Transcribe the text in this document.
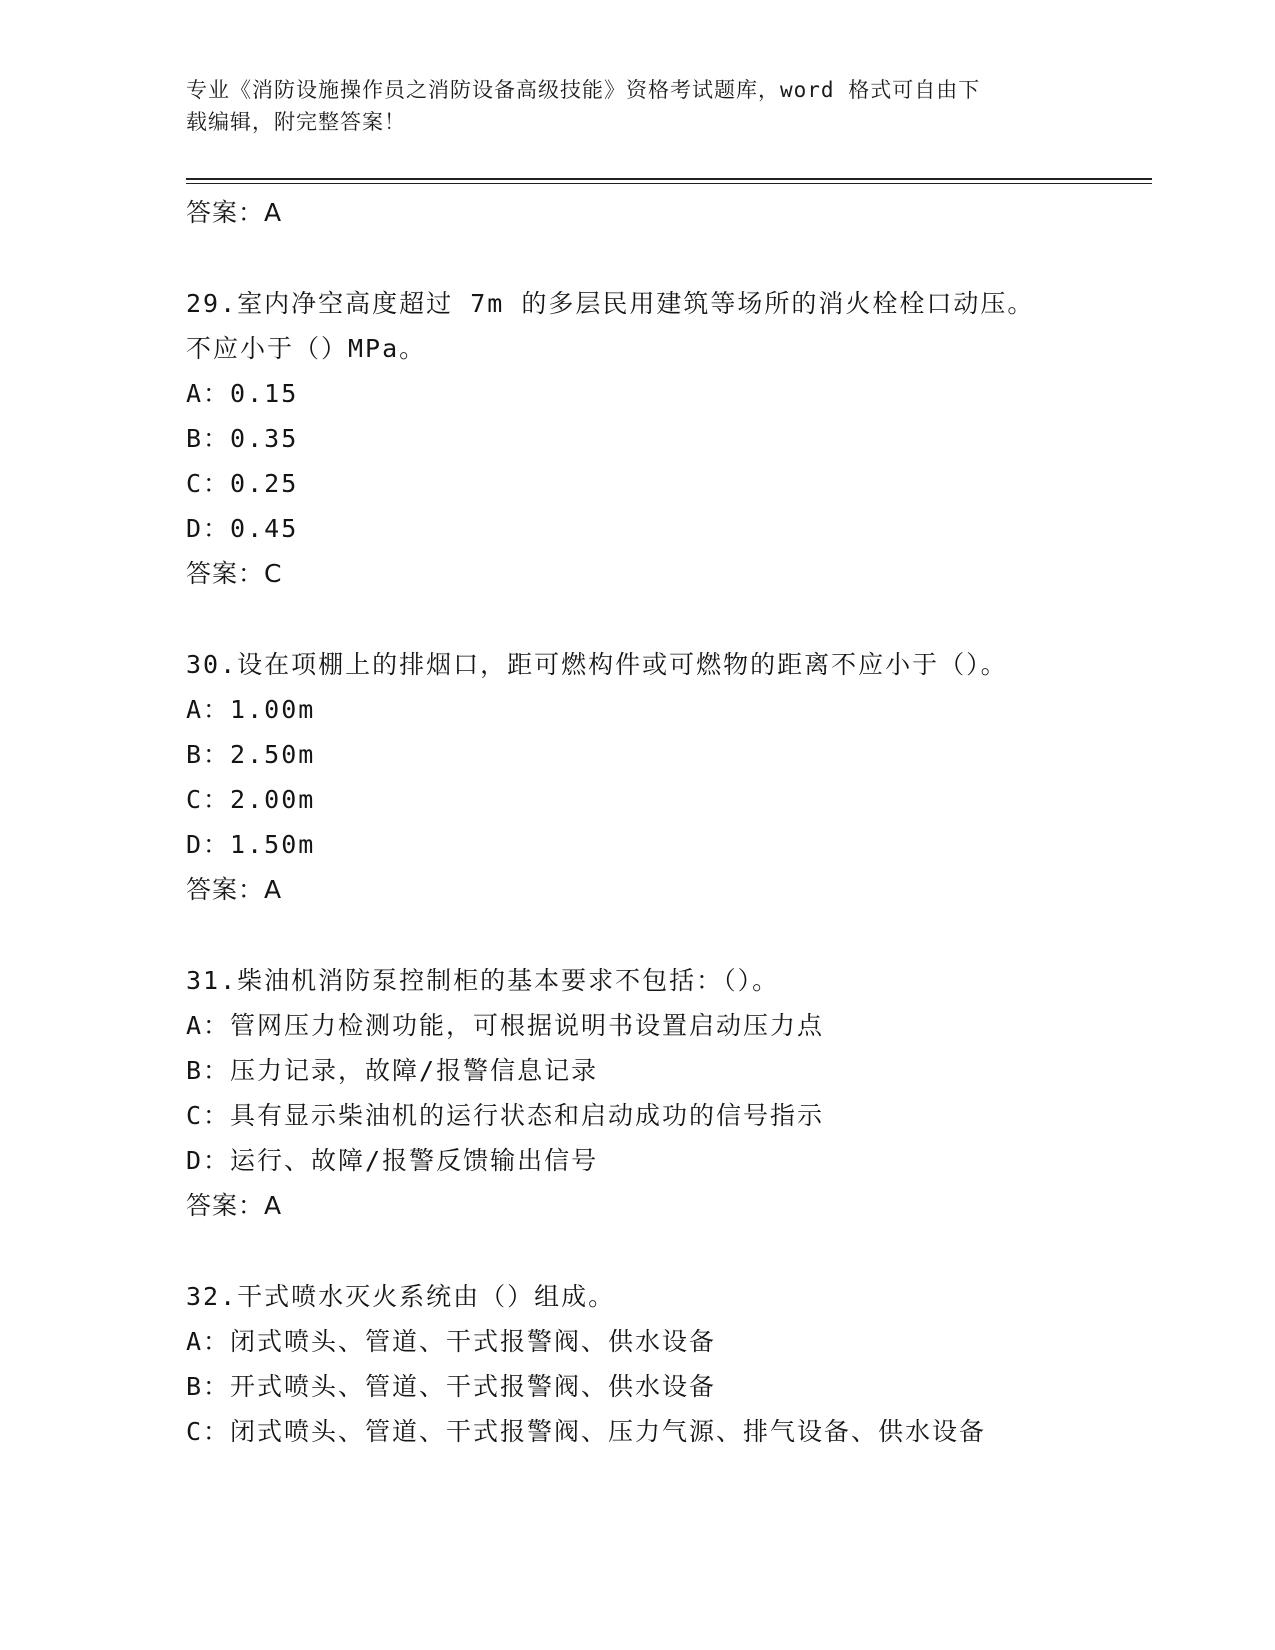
专业《消防设施操作员之消防设备高级技能》资格考试题库，word 格式可自由下
载编辑，附完整答案！
答案：A
29.室内净空高度超过 7m 的多层民用建筑等场所的消火栓栓口动压。
不应小于（）MPa。
A：0.15
B：0.35
C：0.25
D：0.45
答案：C
30.设在项棚上的排烟口，距可燃构件或可燃物的距离不应小于（）。
A：1.00m
B：2.50m
C：2.00m
D：1.50m
答案：A
31.柴油机消防泵控制柜的基本要求不包括：（）。
A：管网压力检测功能，可根据说明书设置启动压力点
B：压力记录，故障/报警信息记录
C：具有显示柴油机的运行状态和启动成功的信号指示
D：运行、故障/报警反馈输出信号
答案：A
32.干式喷水灭火系统由（）组成。
A：闭式喷头、管道、干式报警阀、供水设备
B：开式喷头、管道、干式报警阀、供水设备
C：闭式喷头、管道、干式报警阀、压力气源、排气设备、供水设备
